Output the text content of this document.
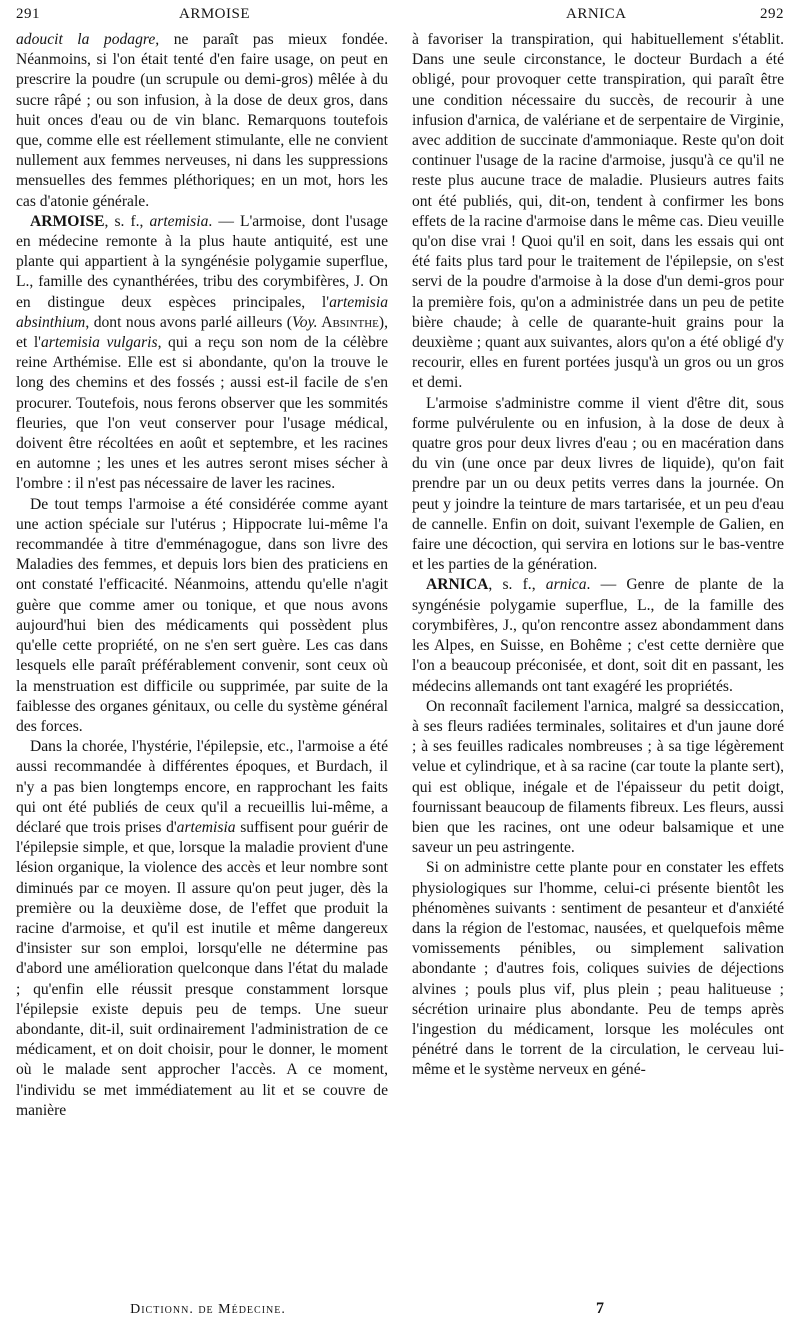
291	ARMOISE	ARNICA	292

adoucit la podagre, ne paraît pas mieux fondée. Néanmoins, si l'on était tenté d'en faire usage, on peut en prescrire la poudre (un scrupule ou demi-gros) mêlée à du sucre râpé ; ou son infusion, à la dose de deux gros, dans huit onces d'eau ou de vin blanc. Remarquons toutefois que, comme elle est réellement stimulante, elle ne convient nullement aux femmes nerveuses, ni dans les suppressions mensuelles des femmes pléthoriques; en un mot, hors les cas d'atonie générale.

ARMOISE, s. f., artemisia. — L'armoise, dont l'usage en médecine remonte à la plus haute antiquité, est une plante qui appartient à la syngénésie polygamie superflue, L., famille des cynanthérées, tribu des corymbifères, J. On en distingue deux espèces principales, l'artemisia absinthium, dont nous avons parlé ailleurs (Voy. Absinthe), et l'artemisia vulgaris, qui a reçu son nom de la célèbre reine Arthémise. Elle est si abondante, qu'on la trouve le long des chemins et des fossés ; aussi est-il facile de s'en procurer. Toutefois, nous ferons observer que les sommités fleuries, que l'on veut conserver pour l'usage médical, doivent être récoltées en août et septembre, et les racines en automne ; les unes et les autres seront mises sécher à l'ombre : il n'est pas nécessaire de laver les racines.

De tout temps l'armoise a été considérée comme ayant une action spéciale sur l'utérus ; Hippocrate lui-même l'a recommandée à titre d'emménagogue, dans son livre des Maladies des femmes, et depuis lors bien des praticiens en ont constaté l'efficacité. Néanmoins, attendu qu'elle n'agit guère que comme amer ou tonique, et que nous avons aujourd'hui bien des médicaments qui possèdent plus qu'elle cette propriété, on ne s'en sert guère. Les cas dans lesquels elle paraît préférablement convenir, sont ceux où la menstruation est difficile ou supprimée, par suite de la faiblesse des organes génitaux, ou celle du système général des forces.

Dans la chorée, l'hystérie, l'épilepsie, etc., l'armoise a été aussi recommandée à différentes époques, et Burdach, il n'y a pas bien longtemps encore, en rapprochant les faits qui ont été publiés de ceux qu'il a recueillis lui-même, a déclaré que trois prises d'artemisia suffisent pour guérir de l'épilepsie simple, et que, lorsque la maladie provient d'une lésion organique, la violence des accès et leur nombre sont diminués par ce moyen. Il assure qu'on peut juger, dès la première ou la deuxième dose, de l'effet que produit la racine d'armoise, et qu'il est inutile et même dangereux d'insister sur son emploi, lorsqu'elle ne détermine pas d'abord une amélioration quelconque dans l'état du malade ; qu'enfin elle réussit presque constamment lorsque l'épilepsie existe depuis peu de temps. Une sueur abondante, dit-il, suit ordinairement l'administration de ce médicament, et on doit choisir, pour le donner, le moment où le malade sent approcher l'accès. A ce moment, l'individu se met immédiatement au lit et se couvre de manière

à favoriser la transpiration, qui habituellement s'établit. Dans une seule circonstance, le docteur Burdach a été obligé, pour provoquer cette transpiration, qui paraît être une condition nécessaire du succès, de recourir à une infusion d'arnica, de valériane et de serpentaire de Virginie, avec addition de succinate d'ammoniaque. Reste qu'on doit continuer l'usage de la racine d'armoise, jusqu'à ce qu'il ne reste plus aucune trace de maladie. Plusieurs autres faits ont été publiés, qui, dit-on, tendent à confirmer les bons effets de la racine d'armoise dans le même cas. Dieu veuille qu'on dise vrai ! Quoi qu'il en soit, dans les essais qui ont été faits plus tard pour le traitement de l'épilepsie, on s'est servi de la poudre d'armoise à la dose d'un demi-gros pour la première fois, qu'on a administrée dans un peu de petite bière chaude; à celle de quarante-huit grains pour la deuxième ; quant aux suivantes, alors qu'on a été obligé d'y recourir, elles en furent portées jusqu'à un gros ou un gros et demi.

L'armoise s'administre comme il vient d'être dit, sous forme pulvérulente ou en infusion, à la dose de deux à quatre gros pour deux livres d'eau ; ou en macération dans du vin (une once par deux livres de liquide), qu'on fait prendre par un ou deux petits verres dans la journée. On peut y joindre la teinture de mars tartarisée, et un peu d'eau de cannelle. Enfin on doit, suivant l'exemple de Galien, en faire une décoction, qui servira en lotions sur le bas-ventre et les parties de la génération.

ARNICA, s. f., arnica. — Genre de plante de la syngénésie polygamie superflue, L., de la famille des corymbifères, J., qu'on rencontre assez abondamment dans les Alpes, en Suisse, en Bohême ; c'est cette dernière que l'on a beaucoup préconisée, et dont, soit dit en passant, les médecins allemands ont tant exagéré les propriétés.

On reconnaît facilement l'arnica, malgré sa dessiccation, à ses fleurs radiées terminales, solitaires et d'un jaune doré ; à ses feuilles radicales nombreuses ; à sa tige légèrement velue et cylindrique, et à sa racine (car toute la plante sert), qui est oblique, inégale et de l'épaisseur du petit doigt, fournissant beaucoup de filaments fibreux. Les fleurs, aussi bien que les racines, ont une odeur balsamique et une saveur un peu astringente.

Si on administre cette plante pour en constater les effets physiologiques sur l'homme, celui-ci présente bientôt les phénomènes suivants : sentiment de pesanteur et d'anxiété dans la région de l'estomac, nausées, et quelquefois même vomissements pénibles, ou simplement salivation abondante ; d'autres fois, coliques suivies de déjections alvines ; pouls plus vif, plus plein ; peau halitueuse ; sécrétion urinaire plus abondante. Peu de temps après l'ingestion du médicament, lorsque les molécules ont pénétré dans le torrent de la circulation, le cerveau lui-même et le système nerveux en géné-

Dictionn. de Médecine.	7
